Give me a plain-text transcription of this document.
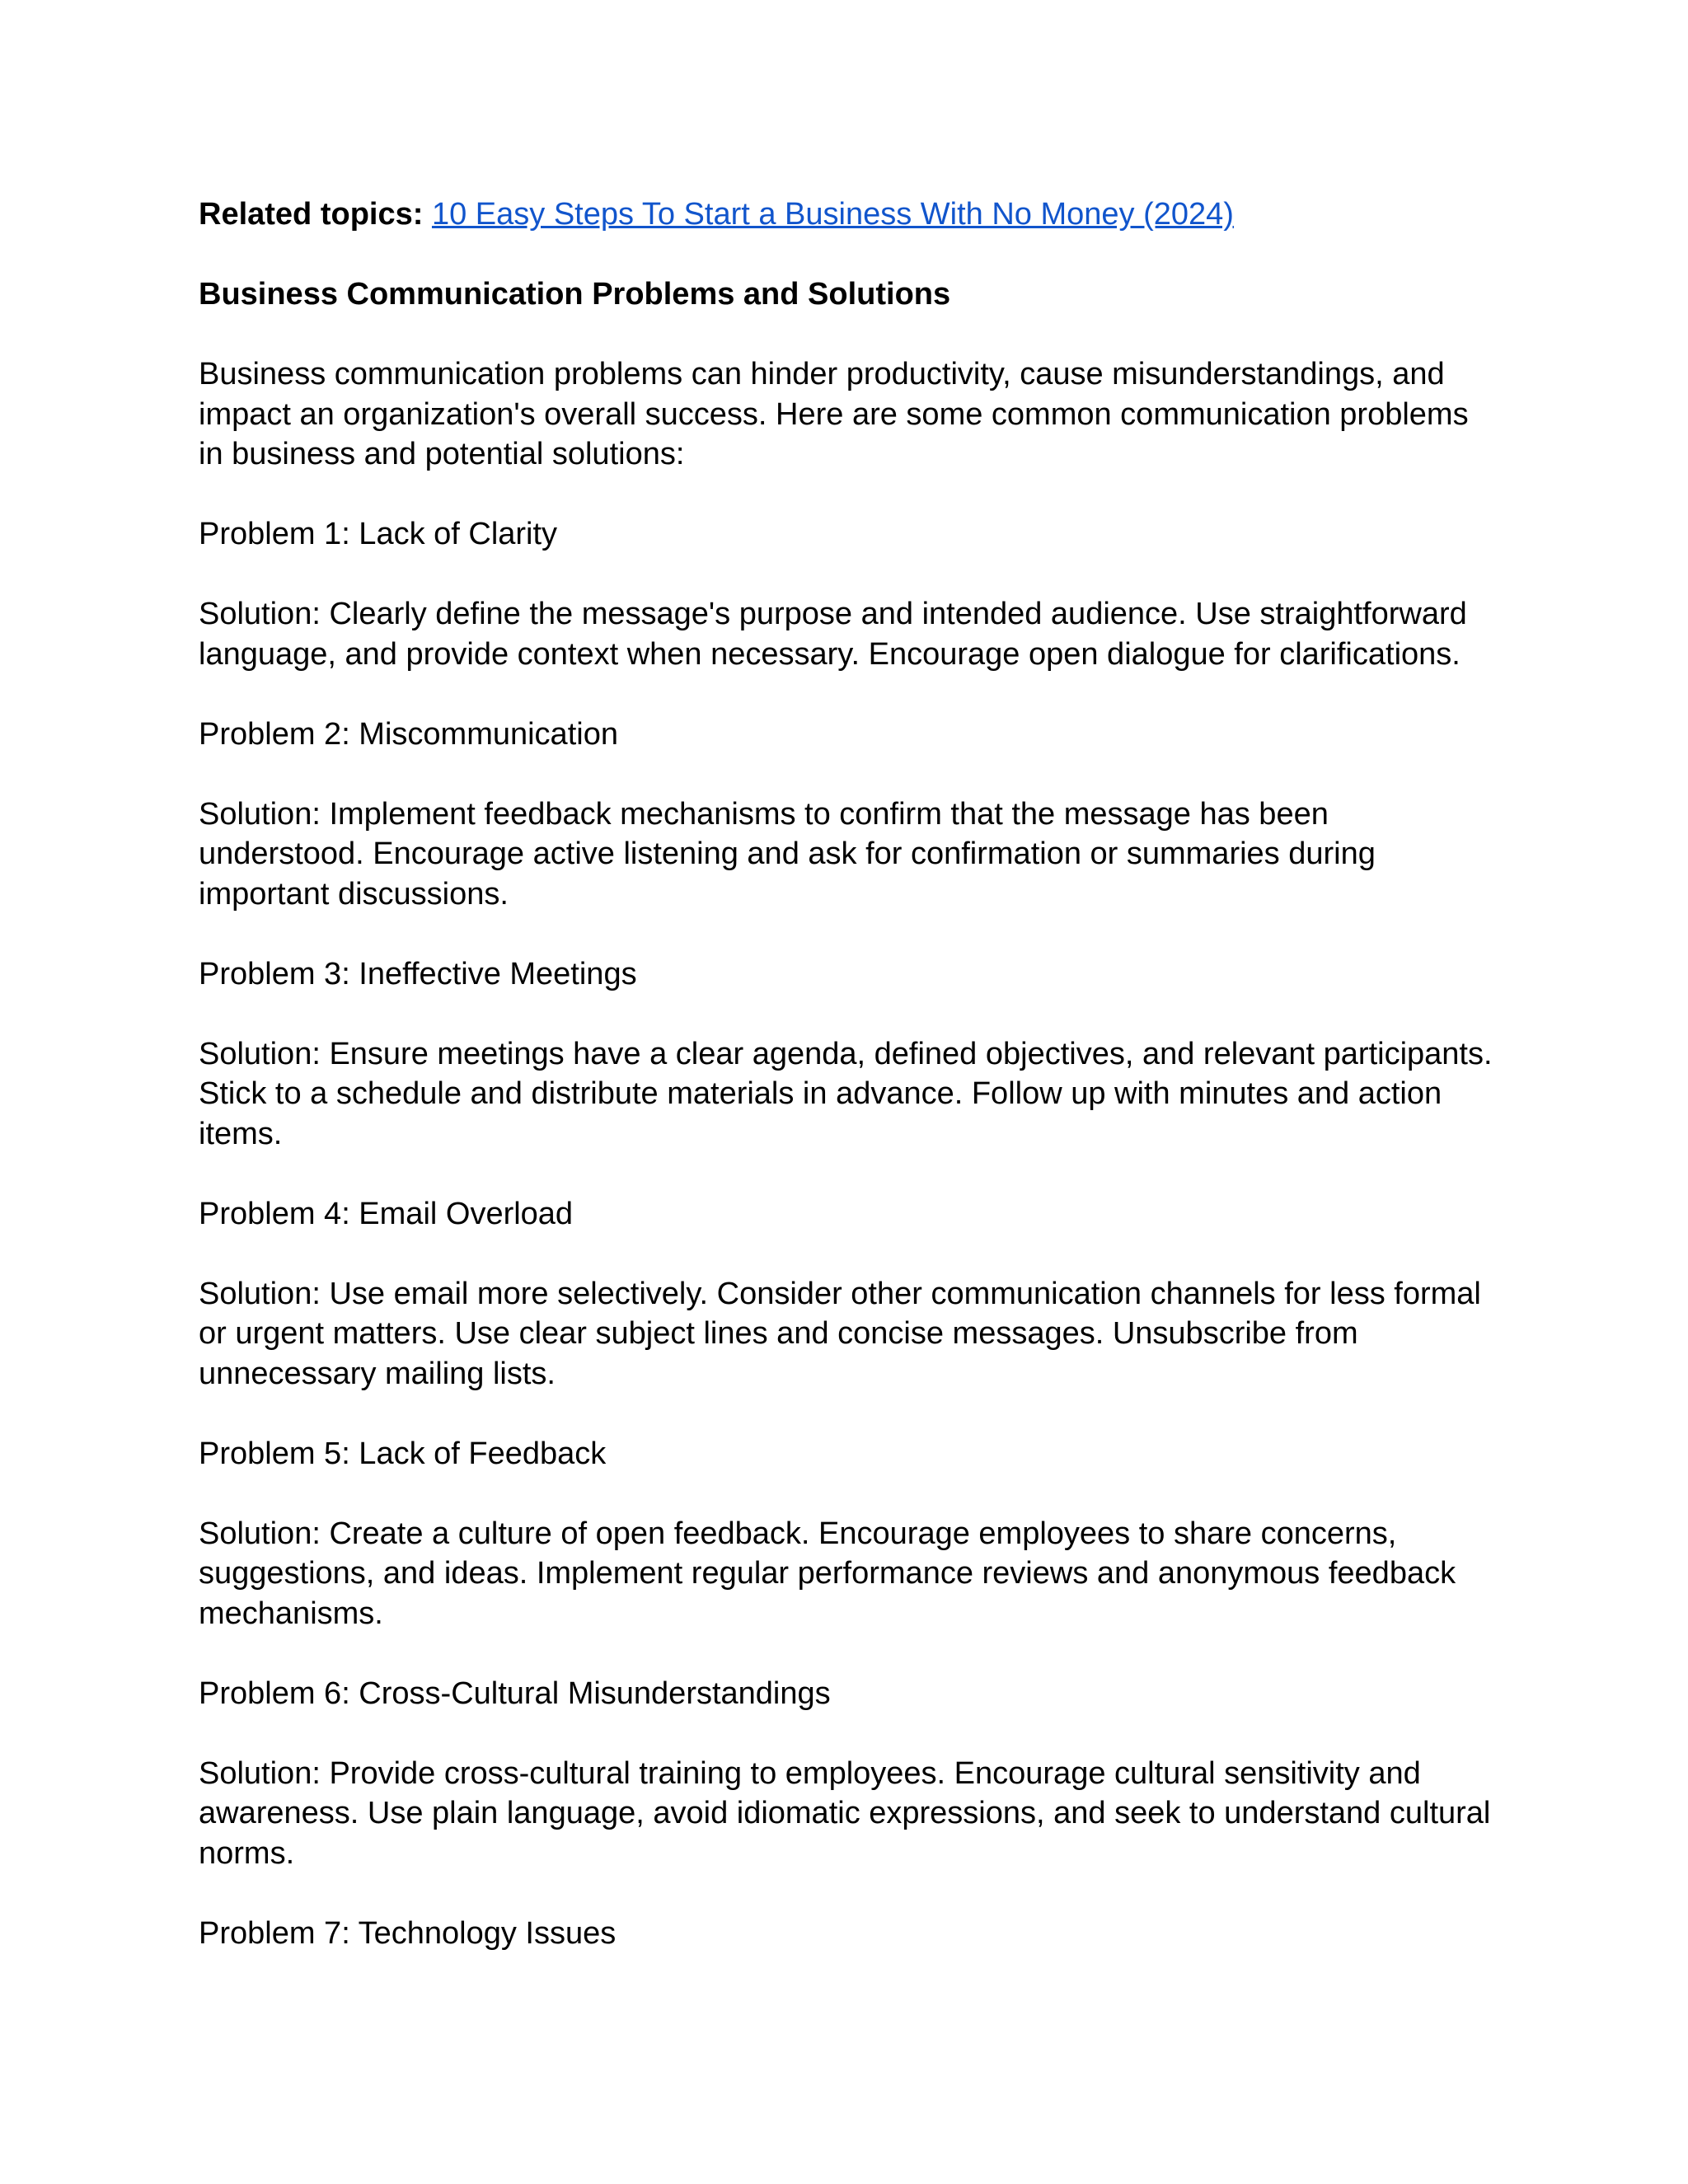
Related topics: 10 Easy Steps To Start a Business With No Money (2024)

Business Communication Problems and Solutions

Business communication problems can hinder productivity, cause misunderstandings, and impact an organization's overall success. Here are some common communication problems in business and potential solutions:

Problem 1: Lack of Clarity

Solution: Clearly define the message's purpose and intended audience. Use straightforward language, and provide context when necessary. Encourage open dialogue for clarifications.

Problem 2: Miscommunication

Solution: Implement feedback mechanisms to confirm that the message has been understood. Encourage active listening and ask for confirmation or summaries during important discussions.

Problem 3: Ineffective Meetings

Solution: Ensure meetings have a clear agenda, defined objectives, and relevant participants. Stick to a schedule and distribute materials in advance. Follow up with minutes and action items.

Problem 4: Email Overload

Solution: Use email more selectively. Consider other communication channels for less formal or urgent matters. Use clear subject lines and concise messages. Unsubscribe from unnecessary mailing lists.

Problem 5: Lack of Feedback

Solution: Create a culture of open feedback. Encourage employees to share concerns, suggestions, and ideas. Implement regular performance reviews and anonymous feedback mechanisms.

Problem 6: Cross-Cultural Misunderstandings

Solution: Provide cross-cultural training to employees. Encourage cultural sensitivity and awareness. Use plain language, avoid idiomatic expressions, and seek to understand cultural norms.

Problem 7: Technology Issues
